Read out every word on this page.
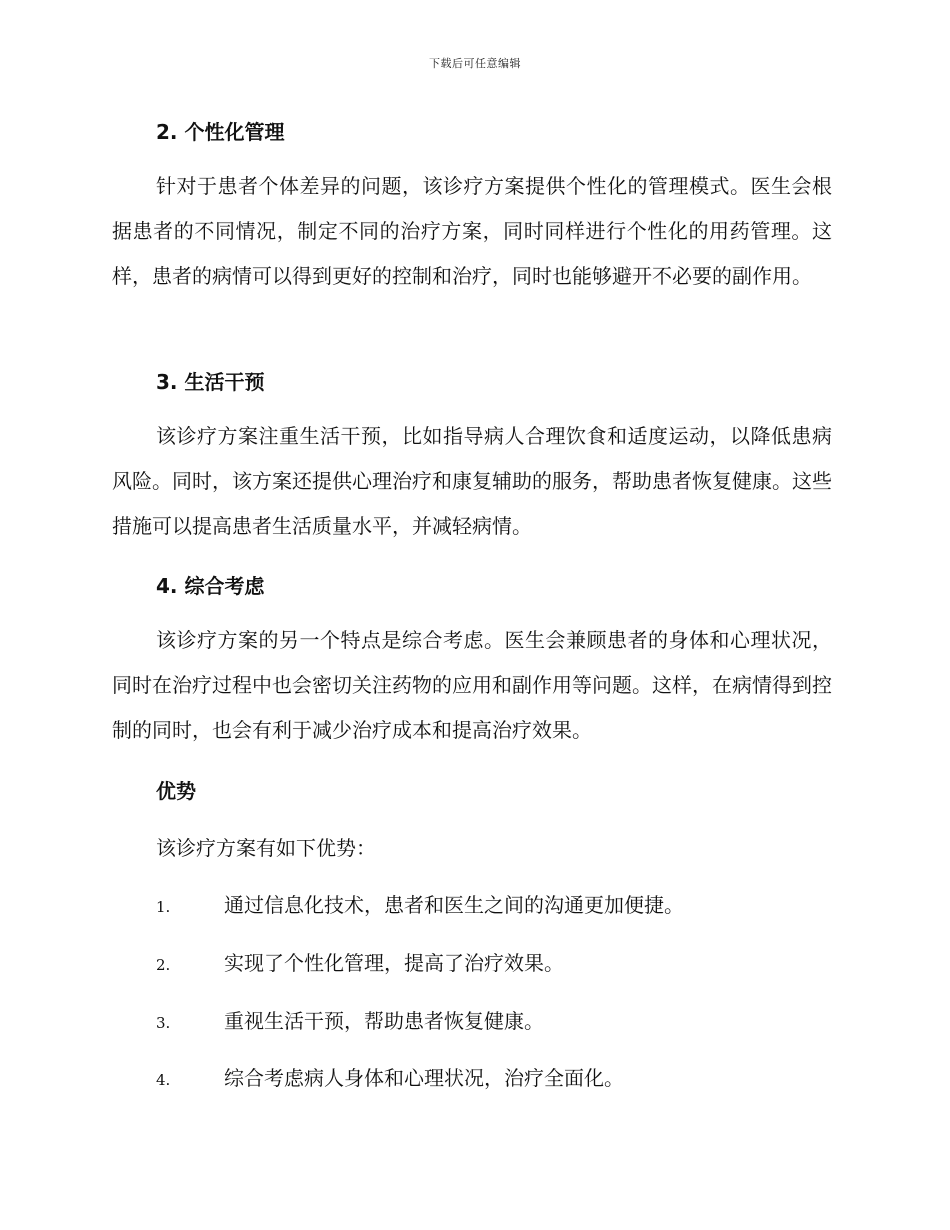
下载后可任意编辑
2. 个性化管理
针对于患者个体差异的问题，该诊疗方案提供个性化的管理模式。医生会根据患者的不同情况，制定不同的治疗方案，同时同样进行个性化的用药管理。这样，患者的病情可以得到更好的控制和治疗，同时也能够避开不必要的副作用。
3. 生活干预
该诊疗方案注重生活干预，比如指导病人合理饮食和适度运动，以降低患病风险。同时，该方案还提供心理治疗和康复辅助的服务，帮助患者恢复健康。这些措施可以提高患者生活质量水平，并减轻病情。
4. 综合考虑
该诊疗方案的另一个特点是综合考虑。医生会兼顾患者的身体和心理状况，同时在治疗过程中也会密切关注药物的应用和副作用等问题。这样，在病情得到控制的同时，也会有利于减少治疗成本和提高治疗效果。
优势
该诊疗方案有如下优势：
1.	通过信息化技术，患者和医生之间的沟通更加便捷。
2.	实现了个性化管理，提高了治疗效果。
3.	重视生活干预，帮助患者恢复健康。
4.	综合考虑病人身体和心理状况，治疗全面化。
